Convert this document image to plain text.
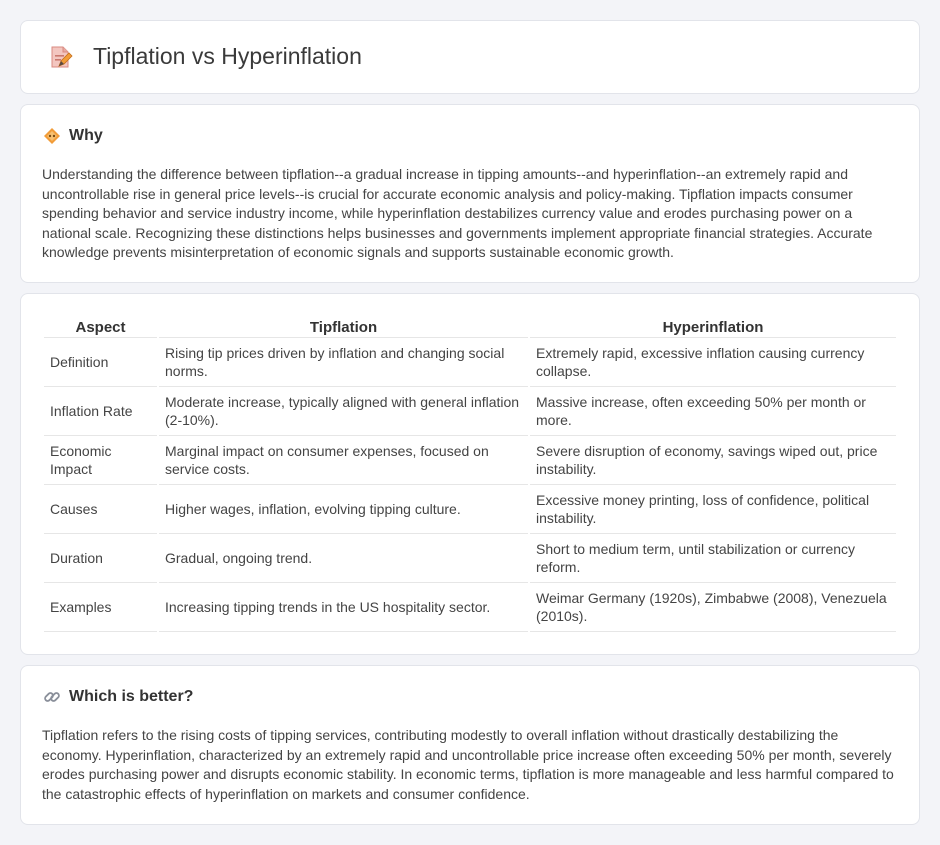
Tipflation vs Hyperinflation
Why

Understanding the difference between tipflation--a gradual increase in tipping amounts--and hyperinflation--an extremely rapid and uncontrollable rise in general price levels--is crucial for accurate economic analysis and policy-making. Tipflation impacts consumer spending behavior and service industry income, while hyperinflation destabilizes currency value and erodes purchasing power on a national scale. Recognizing these distinctions helps businesses and governments implement appropriate financial strategies. Accurate knowledge prevents misinterpretation of economic signals and supports sustainable economic growth.

Aspect	Tipflation	Hyperinflation
Definition	Rising tip prices driven by inflation and changing social norms.	Extremely rapid, excessive inflation causing currency collapse.
Inflation Rate	Moderate increase, typically aligned with general inflation (2-10%).	Massive increase, often exceeding 50% per month or more.
Economic Impact	Marginal impact on consumer expenses, focused on service costs.	Severe disruption of economy, savings wiped out, price instability.
Causes	Higher wages, inflation, evolving tipping culture.	Excessive money printing, loss of confidence, political instability.
Duration	Gradual, ongoing trend.	Short to medium term, until stabilization or currency reform.
Examples	Increasing tipping trends in the US hospitality sector.	Weimar Germany (1920s), Zimbabwe (2008), Venezuela (2010s).
Which is better?

Tipflation refers to the rising costs of tipping services, contributing modestly to overall inflation without drastically destabilizing the economy. Hyperinflation, characterized by an extremely rapid and uncontrollable price increase often exceeding 50% per month, severely erodes purchasing power and disrupts economic stability. In economic terms, tipflation is more manageable and less harmful compared to the catastrophic effects of hyperinflation on markets and consumer confidence.
